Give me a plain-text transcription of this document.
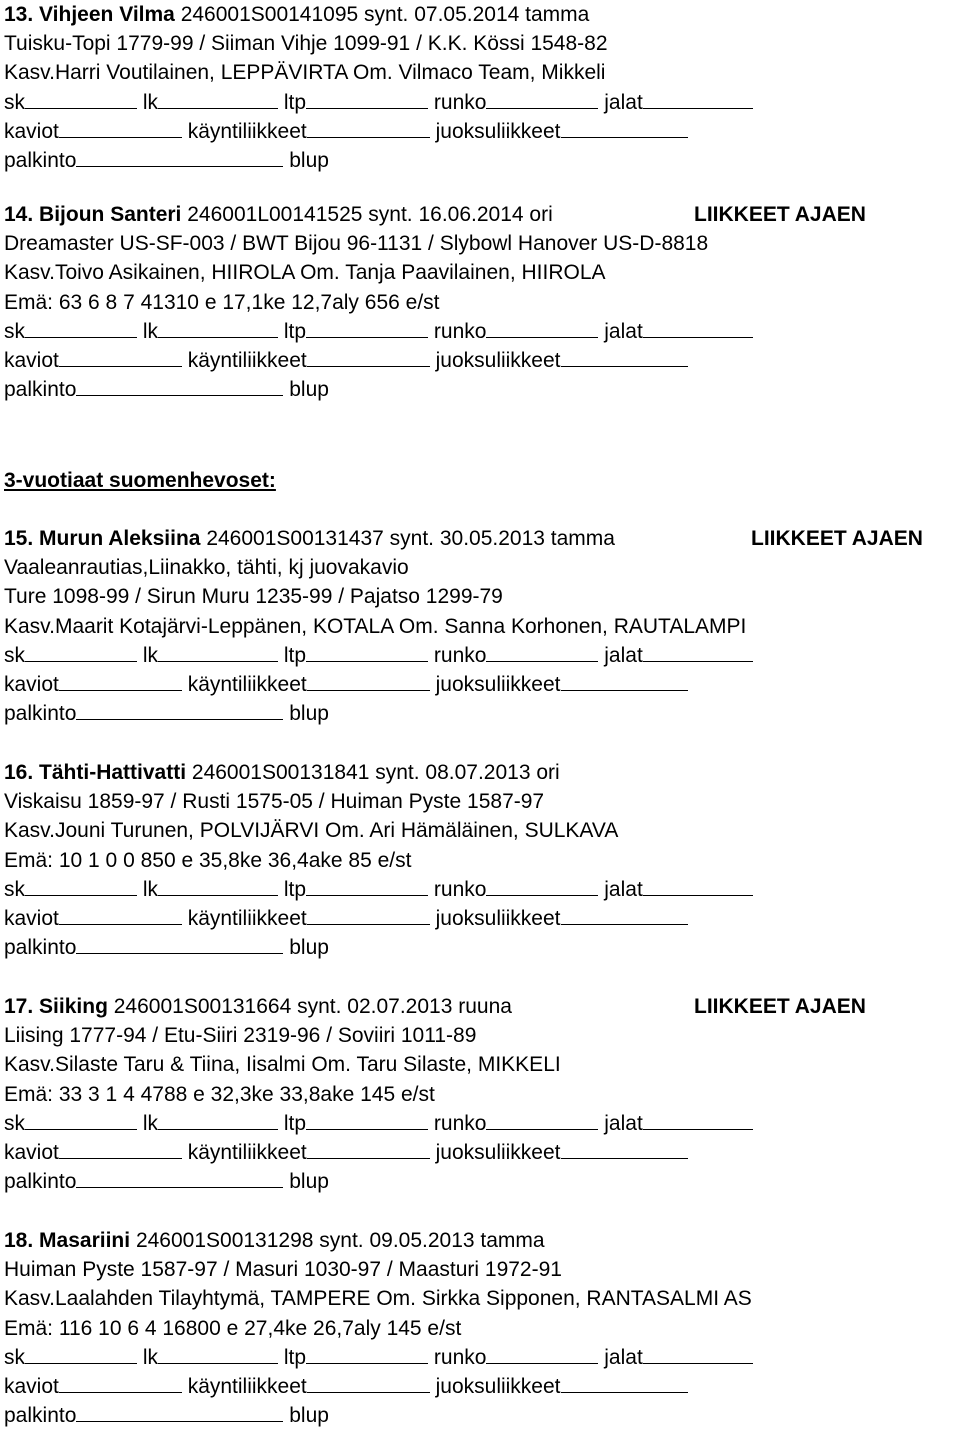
13. Vihjeen Vilma 246001S00141095 synt. 07.05.2014 tamma
Tuisku-Topi 1779-99 / Siiman Vihje 1099-91 / K.K. Kössi 1548-82
Kasv.Harri Voutilainen, LEPPÄVIRTA Om. Vilmaco Team, Mikkeli
sk	lk	ltp	runko	jalat
kaviot	käyntiliikkeet	juoksuliikkeet
palkinto	blup
14. Bijoun Santeri 246001L00141525 synt. 16.06.2014 ori	LIIKKEET AJAEN
Dreamaster US-SF-003 / BWT Bijou 96-1131 / Slybowl Hanover US-D-8818
Kasv.Toivo Asikainen, HIIROLA Om. Tanja Paavilainen, HIIROLA
Emä: 63 6 8 7 41310 e 17,1ke 12,7aly 656 e/st
sk	lk	ltp	runko	jalat
kaviot	käyntiliikkeet	juoksuliikkeet
palkinto	blup
15. Murun Aleksiina 246001S00131437 synt. 30.05.2013 tamma	LIIKKEET AJAEN
Vaaleanrautias,Liinakko, tähti, kj juovakavio
Ture 1098-99 / Sirun Muru 1235-99 / Pajatso 1299-79
Kasv.Maarit Kotajärvi-Leppänen, KOTALA Om. Sanna Korhonen, RAUTALAMPI
sk	lk	ltp	runko	jalat
kaviot	käyntiliikkeet	juoksuliikkeet
palkinto	blup
16. Tähti-Hattivatti 246001S00131841 synt. 08.07.2013 ori
Viskaisu 1859-97 / Rusti 1575-05 / Huiman Pyste 1587-97
Kasv.Jouni Turunen, POLVIJÄRVI Om. Ari Hämäläinen, SULKAVA
Emä: 10 1 0 0 850 e 35,8ke 36,4ake 85 e/st
sk	lk	ltp	runko	jalat
kaviot	käyntiliikkeet	juoksuliikkeet
palkinto	blup
17. Siiking 246001S00131664 synt. 02.07.2013 ruuna	LIIKKEET AJAEN
Liising 1777-94 / Etu-Siiri 2319-96 / Soviiri 1011-89
Kasv.Silaste Taru & Tiina, Iisalmi Om. Taru Silaste, MIKKELI
Emä: 33 3 1 4 4788 e 32,3ke 33,8ake 145 e/st
sk	lk	ltp	runko	jalat
kaviot	käyntiliikkeet	juoksuliikkeet
palkinto	blup
18. Masariini 246001S00131298 synt. 09.05.2013 tamma
Huiman Pyste 1587-97 / Masuri 1030-97 / Maasturi 1972-91
Kasv.Laalahden Tilayhtymä, TAMPERE Om. Sirkka Sipponen, RANTASALMI AS
Emä: 116 10 6 4 16800 e 27,4ke 26,7aly 145 e/st
sk	lk	ltp	runko	jalat
kaviot	käyntiliikkeet	juoksuliikkeet
palkinto	blup
3-vuotiaat suomenhevoset:
